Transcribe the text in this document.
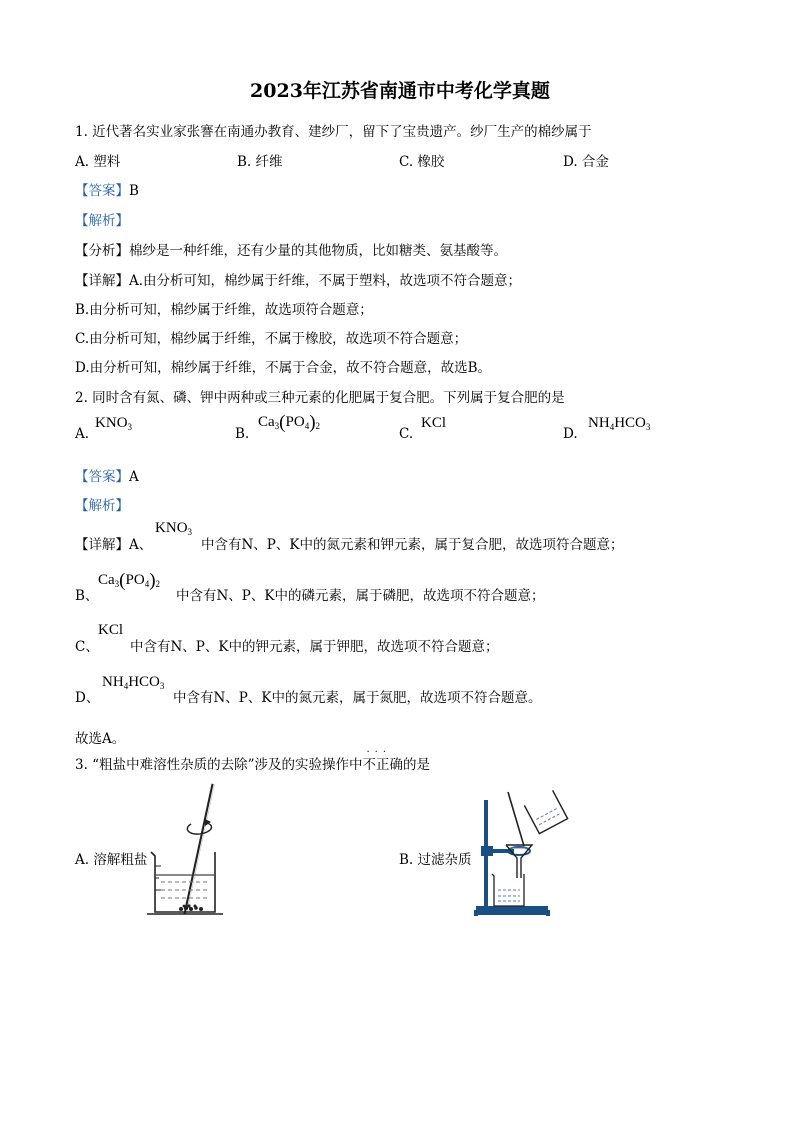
2023年江苏省南通市中考化学真题
1. 近代著名实业家张謇在南通办教育、建纱厂，留下了宝贵遗产。纱厂生产的棉纱属于
A. 塑料	B. 纤维	C. 橡胶	D. 合金
【答案】B
【解析】
【分析】棉纱是一种纤维，还有少量的其他物质，比如糖类、氨基酸等。
【详解】A.由分析可知，棉纱属于纤维，不属于塑料，故选项不符合题意；
B.由分析可知，棉纱属于纤维，故选项符合题意；
C.由分析可知，棉纱属于纤维，不属于橡胶，故选项不符合题意；
D.由分析可知，棉纱属于纤维，不属于合金，故不符合题意，故选B。
2. 同时含有氮、磷、钾中两种或三种元素的化肥属于复合肥。下列属于复合肥的是
A.
$KNO_3$	B.
$Ca_3(PO_4)_2$	C.
KCl
D.
$NH_4HCO_3$
【答案】A
【解析】
【详解】A、
$KNO_3$
中含有N、P、K中的氮元素和钾元素，属于复合肥，故选项符合题意；
B、
$Ca_3(PO_4)_2$
中含有N、P、K中的磷元素，属于磷肥，故选项不符合题意；
C、
KCl
中含有N、P、K中的钾元素，属于钾肥，故选项不符合题意；
D、
$NH_4HCO_3$
中含有N、P、K中的氮元素，属于氮肥，故选项不符合题意。
故选A。
3. “粗盐中难溶性杂质的去除”涉及的实验操作中
...
不正确的是
A. 溶解粗盐	B. 过滤杂质
